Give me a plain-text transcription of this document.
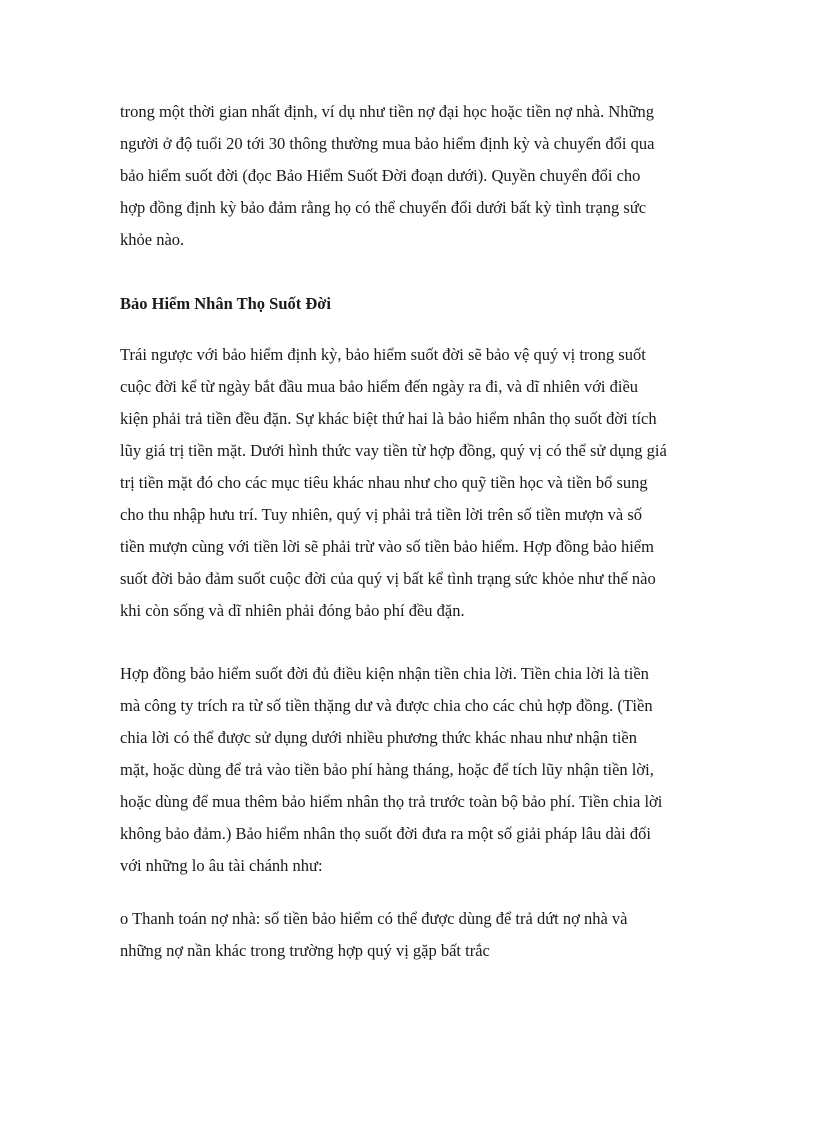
trong một thời gian nhất định, ví dụ như tiền nợ đại học hoặc tiền nợ nhà. Những

người ở độ tuổi 20 tới 30 thông thường mua bảo hiểm định kỳ và chuyển đổi qua

bảo hiểm suốt đời (đọc Bảo Hiểm Suốt Đời đoạn dưới). Quyền chuyển đổi cho

hợp đồng định kỳ bảo đảm rằng họ có thể chuyển đổi dưới bất kỳ tình trạng sức

khỏe nào.

Bảo Hiểm Nhân Thọ Suốt Đời

Trái ngược với bảo hiểm định kỳ, bảo hiểm suốt đời sẽ bảo vệ quý vị trong suốt

cuộc đời kể từ ngày bắt đầu mua bảo hiểm đến ngày ra đi, và dĩ nhiên với điều

kiện phải trả tiền đều đặn. Sự khác biệt thứ hai là bảo hiểm nhân thọ suốt đời tích

lũy giá trị tiền mặt. Dưới hình thức vay tiền từ hợp đồng, quý vị có thể sử dụng giá

trị tiền mặt đó cho các mục tiêu khác nhau như cho quỹ tiền học và tiền bổ sung

cho thu nhập hưu trí. Tuy nhiên, quý vị phải trả tiền lời trên số tiền mượn và số

tiền mượn cùng với tiền lời sẽ phải trừ vào số tiền bảo hiểm. Hợp đồng bảo hiểm

suốt đời bảo đảm suốt cuộc đời của quý vị bất kể tình trạng sức khỏe như thế nào

khi còn sống và dĩ nhiên phải đóng bảo phí đều đặn.

Hợp đồng bảo hiểm suốt đời đủ điều kiện nhận tiền chia lời. Tiền chia lời là tiền

mà công ty trích ra từ số tiền thặng dư và được chia cho các chủ hợp đồng. (Tiền

chia lời có thể được sử dụng dưới nhiều phương thức khác nhau như nhận tiền

mặt, hoặc dùng để trả vào tiền bảo phí hàng tháng, hoặc để tích lũy nhận tiền lời,

hoặc dùng để mua thêm bảo hiểm nhân thọ trả trước toàn bộ bảo phí. Tiền chia lời

không bảo đảm.) Bảo hiểm nhân thọ suốt đời đưa ra một số giải pháp lâu dài đối

với những lo âu tài chánh như:

o Thanh toán nợ nhà: số tiền bảo hiểm có thể được dùng để trả dứt nợ nhà và

những nợ nần khác trong trường hợp quý vị gặp bất trắc
